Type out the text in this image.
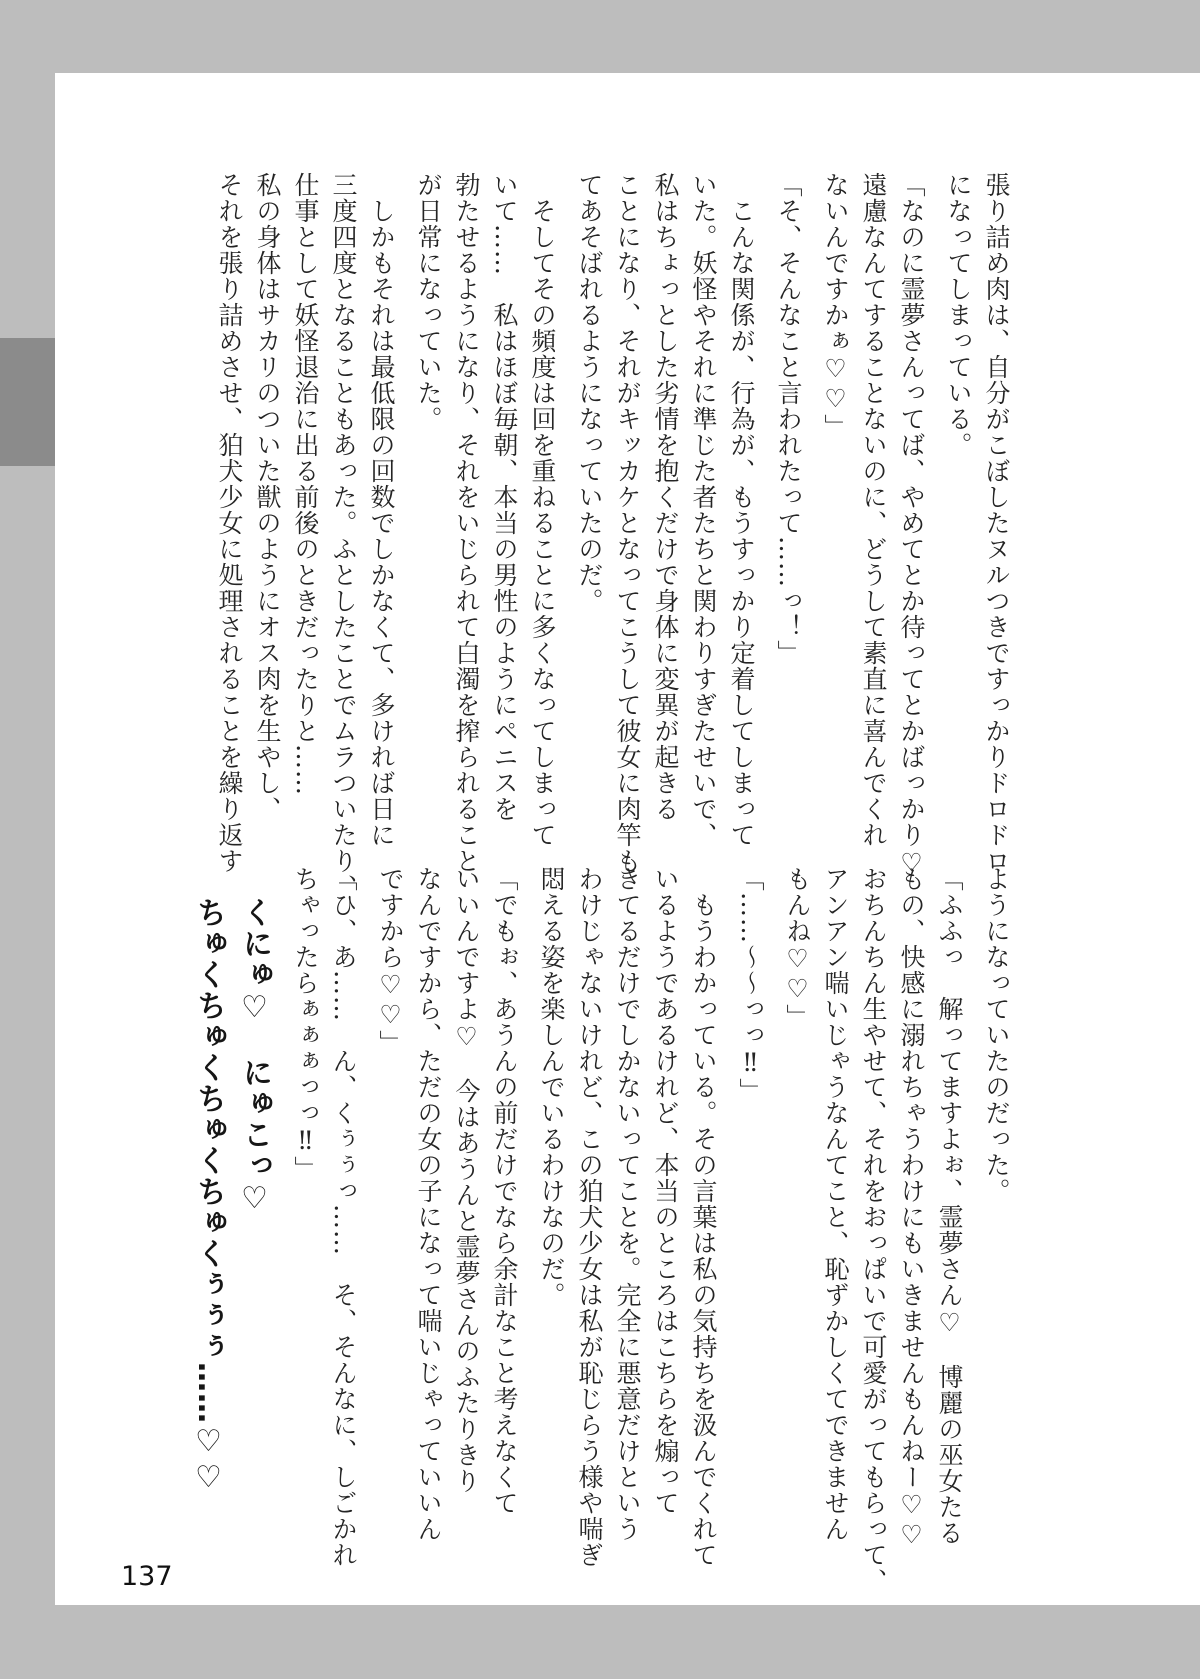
張り詰め肉は、自分がこぼしたヌルつきですっかりドロドロ
になってしまっている。
「なのに霊夢さんってば、やめてとか待ってとかばっかり♡
遠慮なんてすることないのに、どうして素直に喜んでくれ
ないんですかぁ♡♡」
「そ、そんなこと言われたって……っ！」
　こんな関係が、行為が、もうすっかり定着してしまって
いた。妖怪やそれに準じた者たちと関わりすぎたせいで、
私はちょっとした劣情を抱くだけで身体に変異が起きる
ことになり、それがキッカケとなってこうして彼女に肉竿も
てあそばれるようになっていたのだ。
　そしてその頻度は回を重ねることに多くなってしまって
いて……　私はほぼ毎朝、本当の男性のようにペニスを
勃たせるようになり、それをいじられて白濁を搾られること
が日常になっていた。
　しかもそれは最低限の回数でしかなくて、多ければ日に
三度四度となることもあった。ふとしたことでムラついたり、
仕事として妖怪退治に出る前後のときだったりと……
私の身体はサカリのついた獣のようにオス肉を生やし、
それを張り詰めさせ、狛犬少女に処理されることを繰り返す
ようになっていたのだった。
「ふふっ　解ってますよぉ、霊夢さん♡　博麗の巫女たる
もの、快感に溺れちゃうわけにもいきませんもんねー♡♡
おちんちん生やせて、それをおっぱいで可愛がってもらって、
アンアン喘いじゃうなんてこと、恥ずかしくてできません
もんね♡♡」
「……～～っっ‼」
　もうわかっている。その言葉は私の気持ちを汲んでくれて
いるようであるけれど、本当のところはこちらを煽って
きてるだけでしかないってことを。完全に悪意だけという
わけじゃないけれど、この狛犬少女は私が恥じらう様や喘ぎ
悶える姿を楽しんでいるわけなのだ。
「でもぉ、あうんの前だけでなら余計なこと考えなくて
いいんですよ♡　今はあうんと霊夢さんのふたりきり
なんですから、ただの女の子になって喘いじゃっていいん
ですから♡♡」
「ひ、あ……　ん、くぅぅっ……　そ、そんなに、しごかれ
ちゃったらぁぁぁっっ‼」
　くにゅ♡　にゅこっ♡
　ちゅくちゅくちゅくちゅくぅぅぅ……♡♡
137
